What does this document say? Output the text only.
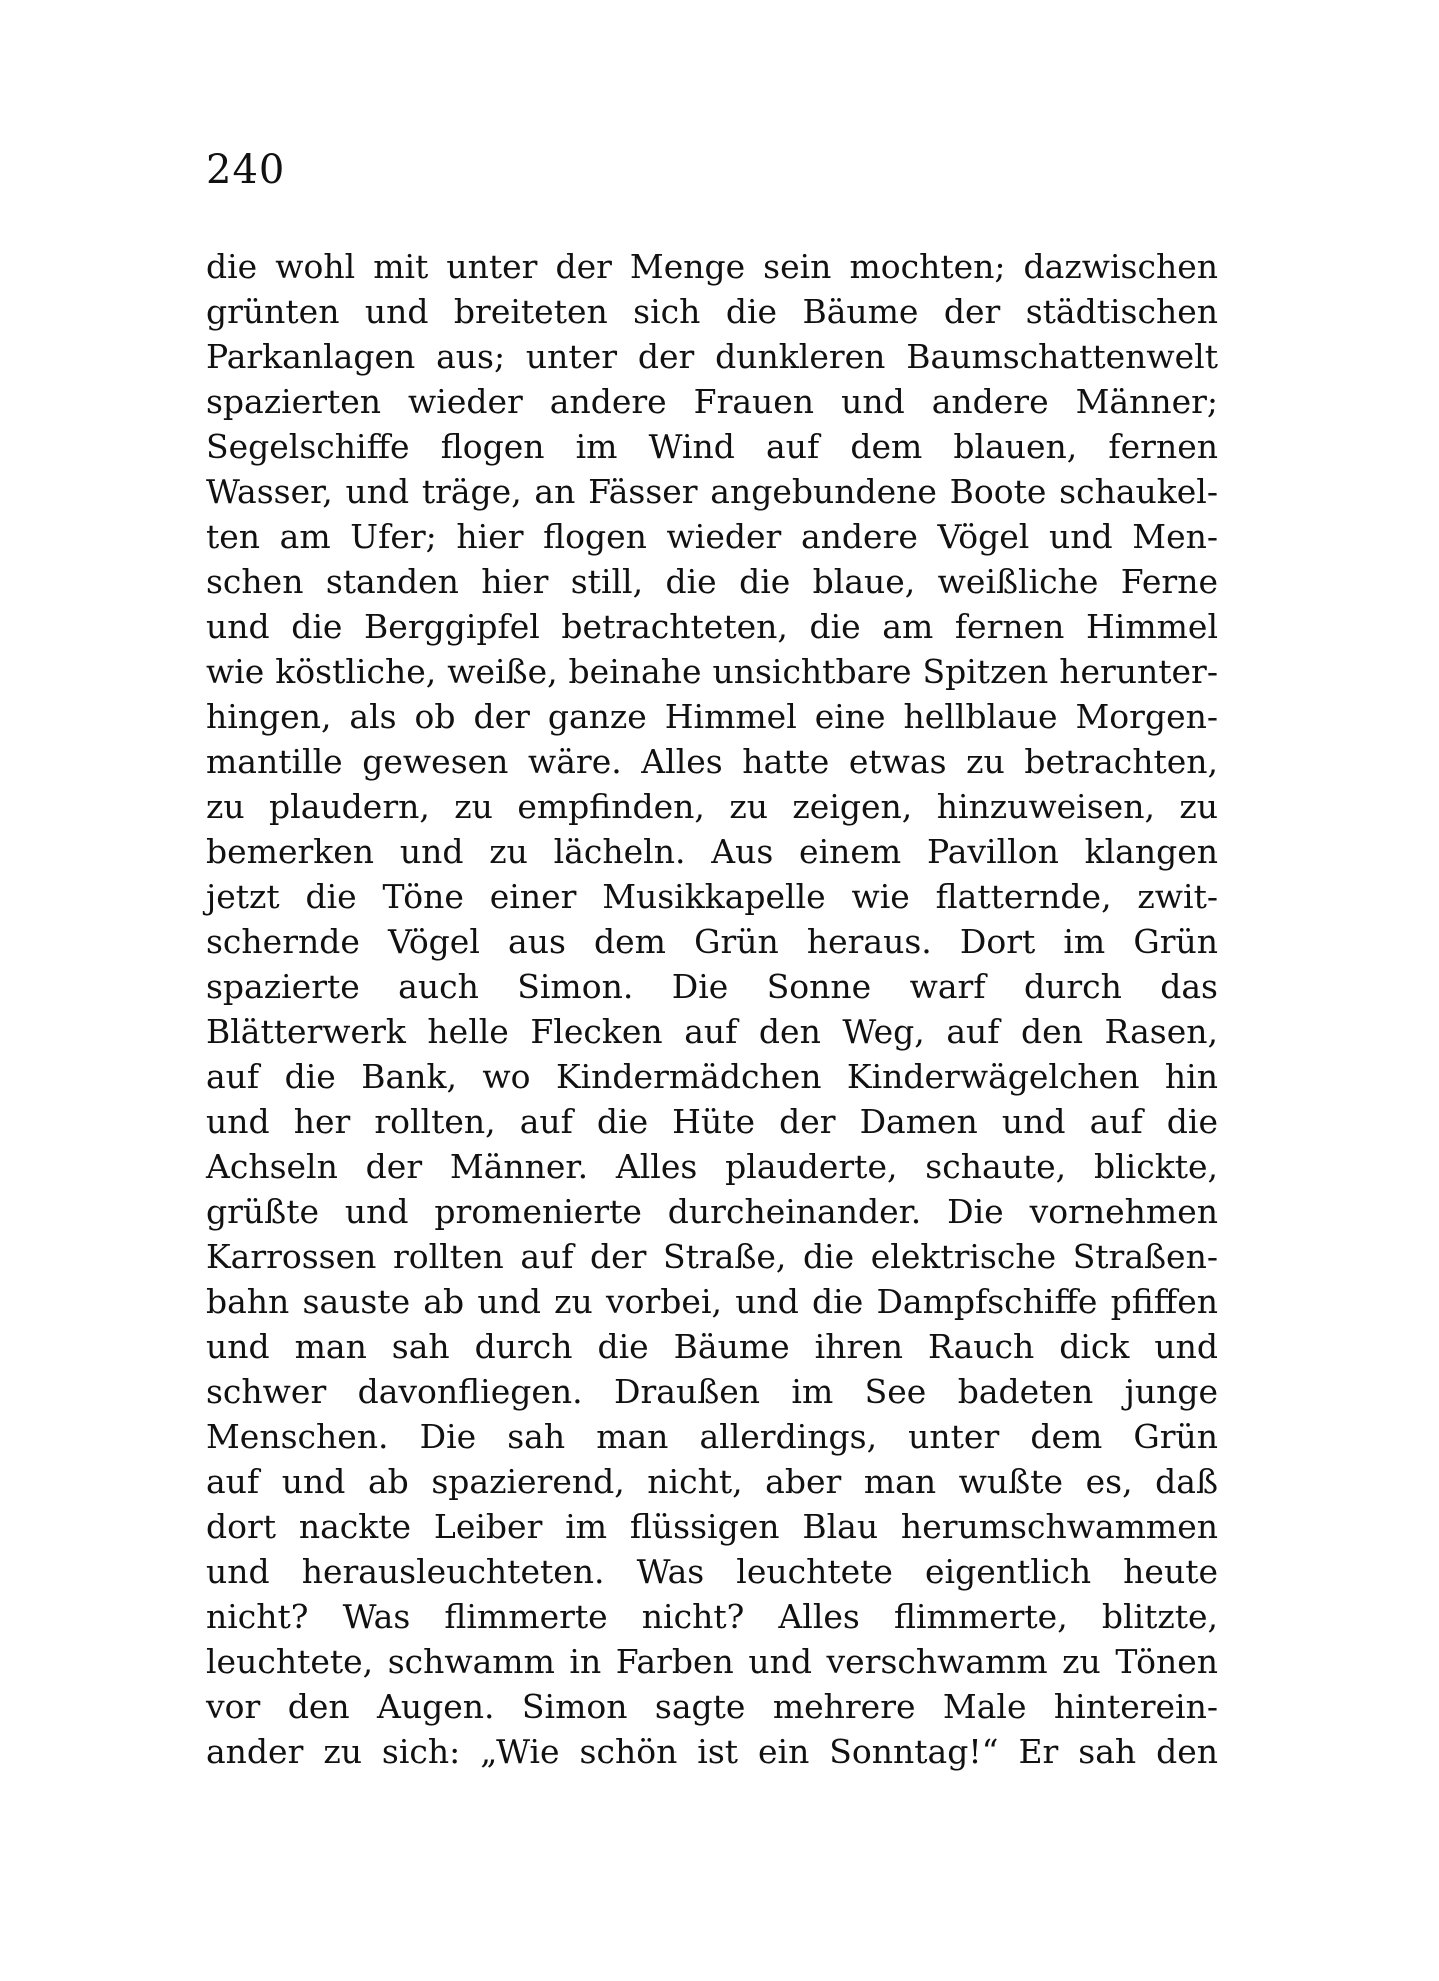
240
die wohl mit unter der Menge sein mochten; dazwischen
grünten und breiteten sich die Bäume der städtischen
Parkanlagen aus; unter der dunkleren Baumschattenwelt
spazierten wieder andere Frauen und andere Männer;
Segelschiffe flogen im Wind auf dem blauen, fernen
Wasser, und träge, an Fässer angebundene Boote schaukel-
ten am Ufer; hier flogen wieder andere Vögel und Men-
schen standen hier still, die die blaue, weißliche Ferne
und die Berggipfel betrachteten, die am fernen Himmel
wie köstliche, weiße, beinahe unsichtbare Spitzen herunter-
hingen, als ob der ganze Himmel eine hellblaue Morgen-
mantille gewesen wäre. Alles hatte etwas zu betrachten,
zu plaudern, zu empfinden, zu zeigen, hinzuweisen, zu
bemerken und zu lächeln. Aus einem Pavillon klangen
jetzt die Töne einer Musikkapelle wie flatternde, zwit-
schernde Vögel aus dem Grün heraus. Dort im Grün
spazierte auch Simon. Die Sonne warf durch das
Blätterwerk helle Flecken auf den Weg, auf den Rasen,
auf die Bank, wo Kindermädchen Kinderwägelchen hin
und her rollten, auf die Hüte der Damen und auf die
Achseln der Männer. Alles plauderte, schaute, blickte,
grüßte und promenierte durcheinander. Die vornehmen
Karrossen rollten auf der Straße, die elektrische Straßen-
bahn sauste ab und zu vorbei, und die Dampfschiffe pfiffen
und man sah durch die Bäume ihren Rauch dick und
schwer davonfliegen. Draußen im See badeten junge
Menschen. Die sah man allerdings, unter dem Grün
auf und ab spazierend, nicht, aber man wußte es, daß
dort nackte Leiber im flüssigen Blau herumschwammen
und herausleuchteten. Was leuchtete eigentlich heute
nicht? Was flimmerte nicht? Alles flimmerte, blitzte,
leuchtete, schwamm in Farben und verschwamm zu Tönen
vor den Augen. Simon sagte mehrere Male hinterein-
ander zu sich: „Wie schön ist ein Sonntag!“ Er sah den
